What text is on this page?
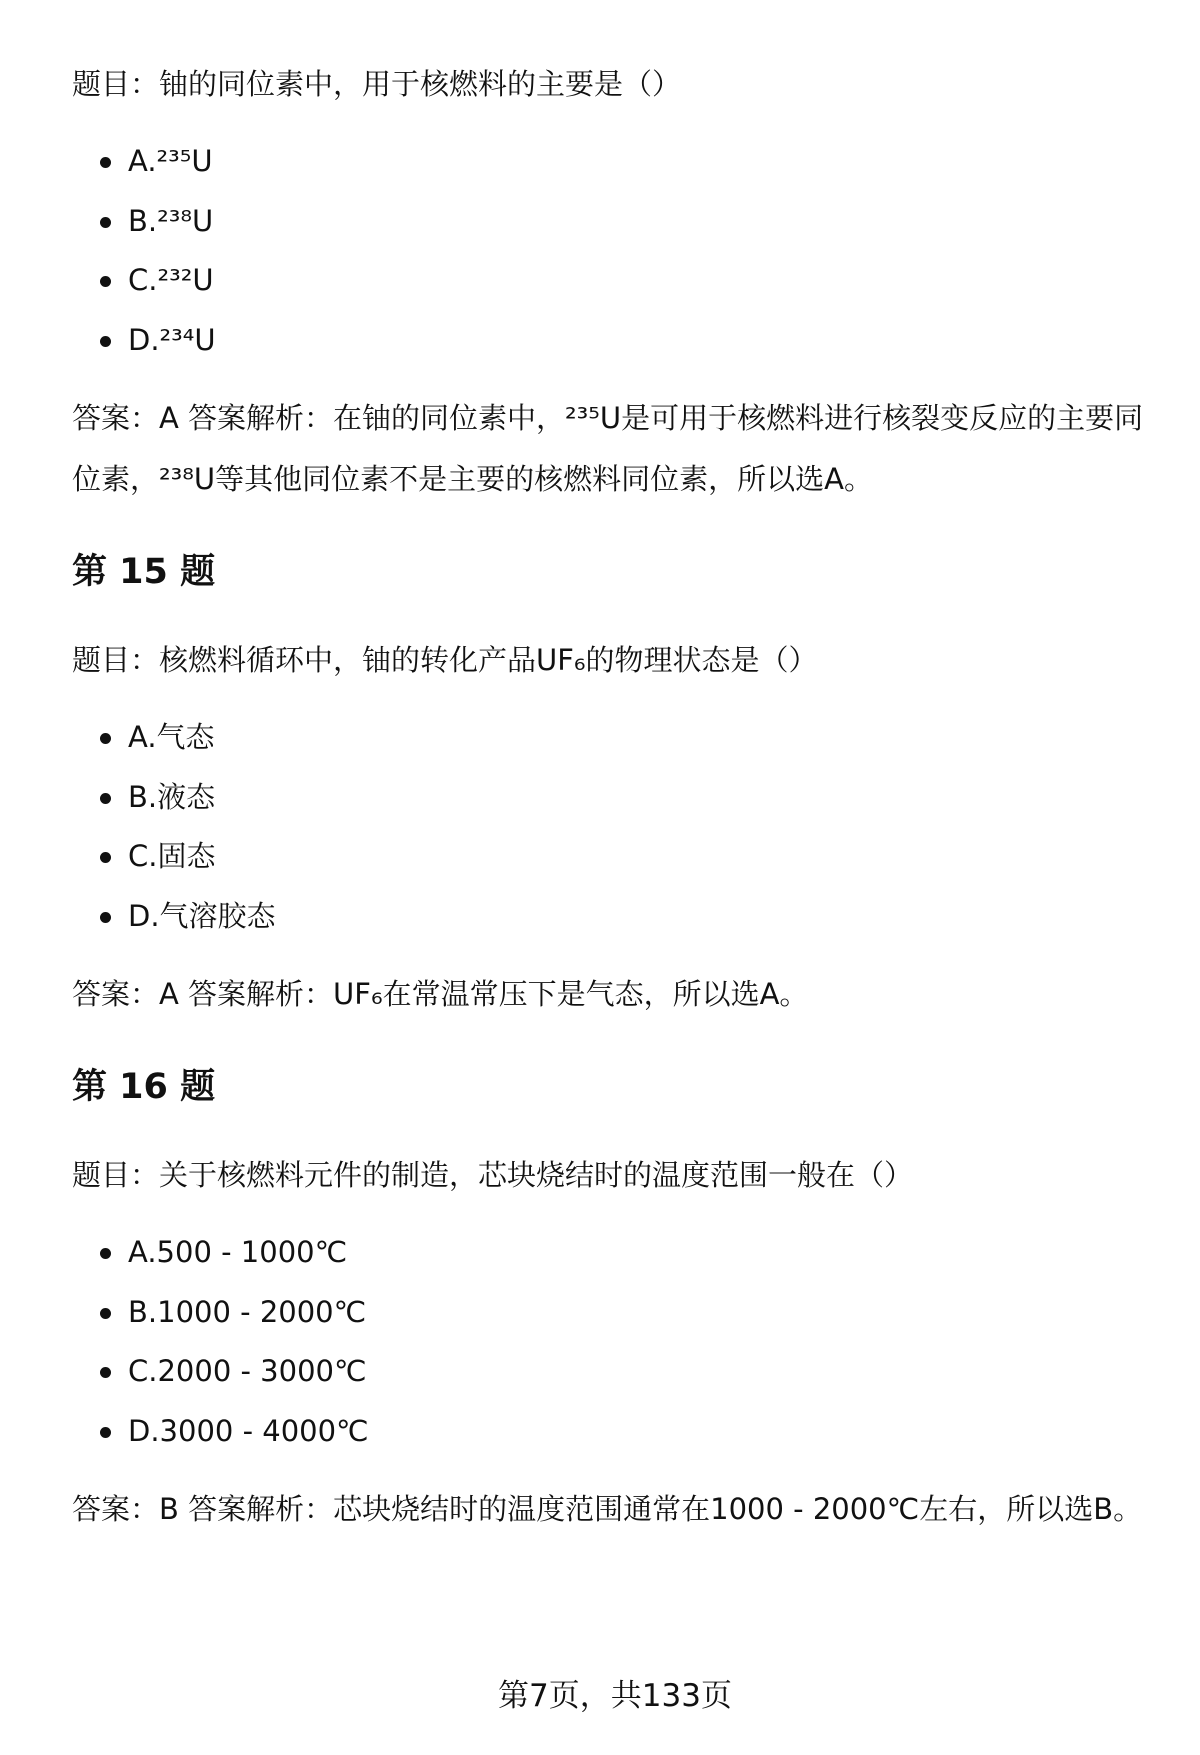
题目：铀的同位素中，用于核燃料的主要是（）

A.²³⁵U
B.²³⁸U
C.²³²U
D.²³⁴U

答案：A 答案解析：在铀的同位素中，²³⁵U是可用于核燃料进行核裂变反应的主要同位素，²³⁸U等其他同位素不是主要的核燃料同位素，所以选A。

第 15 题

题目：核燃料循环中，铀的转化产品UF₆的物理状态是（）

A.气态
B.液态
C.固态
D.气溶胶态

答案：A 答案解析：UF₆在常温常压下是气态，所以选A。

第 16 题

题目：关于核燃料元件的制造，芯块烧结时的温度范围一般在（）

A.500 - 1000℃
B.1000 - 2000℃
C.2000 - 3000℃
D.3000 - 4000℃

答案：B 答案解析：芯块烧结时的温度范围通常在1000 - 2000℃左右，所以选B。

第7页，共133页
